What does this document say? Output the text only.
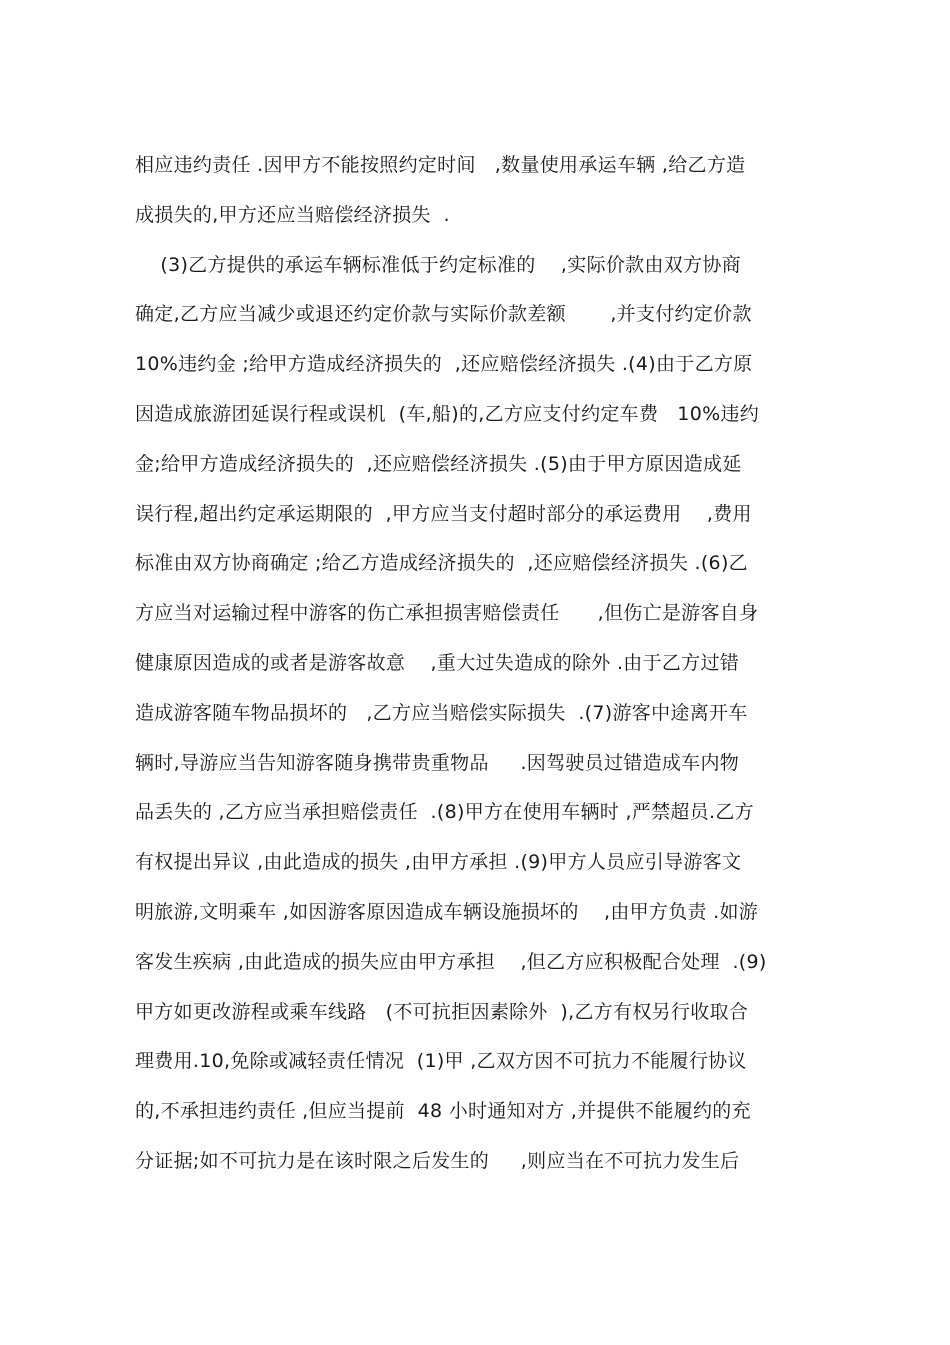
相应违约责任 .因甲方不能按照约定时间   ,数量使用承运车辆 ,给乙方造
成损失的,甲方还应当赔偿经济损失  .
(3)乙方提供的承运车辆标准低于约定标准的    ,实际价款由双方协商
确定,乙方应当减少或退还约定价款与实际价款差额       ,并支付约定价款
10%违约金 ;给甲方造成经济损失的  ,还应赔偿经济损失 .(4)由于乙方原
因造成旅游团延误行程或误机  (车,船)的,乙方应支付约定车费   10%违约
金;给甲方造成经济损失的  ,还应赔偿经济损失 .(5)由于甲方原因造成延
误行程,超出约定承运期限的  ,甲方应当支付超时部分的承运费用    ,费用
标准由双方协商确定 ;给乙方造成经济损失的  ,还应赔偿经济损失 .(6)乙
方应当对运输过程中游客的伤亡承担损害赔偿责任      ,但伤亡是游客自身
健康原因造成的或者是游客故意    ,重大过失造成的除外 .由于乙方过错
造成游客随车物品损坏的   ,乙方应当赔偿实际损失  .(7)游客中途离开车
辆时,导游应当告知游客随身携带贵重物品     .因驾驶员过错造成车内物
品丢失的 ,乙方应当承担赔偿责任  .(8)甲方在使用车辆时 ,严禁超员.乙方
有权提出异议 ,由此造成的损失 ,由甲方承担 .(9)甲方人员应引导游客文
明旅游,文明乘车 ,如因游客原因造成车辆设施损坏的    ,由甲方负责 .如游
客发生疾病 ,由此造成的损失应由甲方承担    ,但乙方应积极配合处理  .(9)
甲方如更改游程或乘车线路   (不可抗拒因素除外  ),乙方有权另行收取合
理费用.10,免除或减轻责任情况  (1)甲 ,乙双方因不可抗力不能履行协议
的,不承担违约责任 ,但应当提前  48 小时通知对方 ,并提供不能履约的充
分证据;如不可抗力是在该时限之后发生的     ,则应当在不可抗力发生后
